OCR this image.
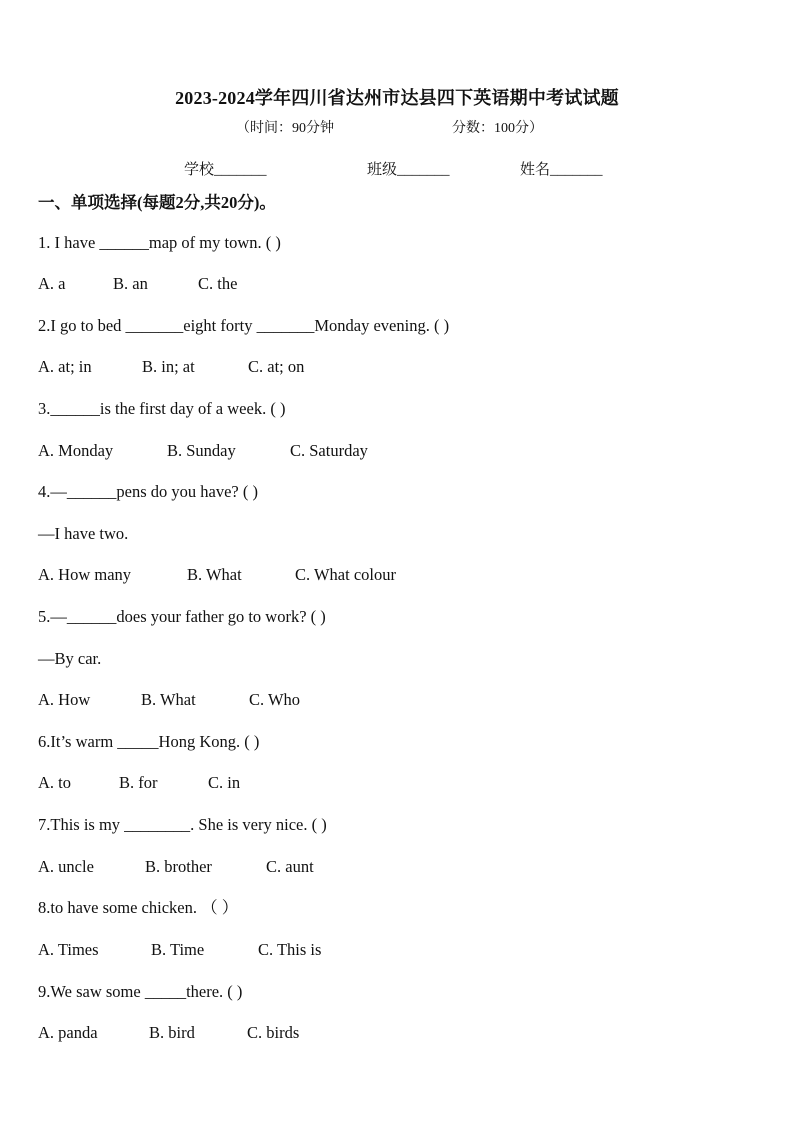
2023-2024学年四川省达州市达县四下英语期中考试试题
（时间：90分钟	分数：100分）
学校_______	班级_______	姓名_______
一、单项选择(每题2分,共20分)。
1. I have ______map of my town. ( )
A. a	B. an	C. the
2.I go to bed _______eight forty _______Monday evening. ( )
A. at; in	B. in; at	C. at; on
3.______is the first day of a week. ( )
A. Monday	B. Sunday	C. Saturday
4.—______pens do you have? ( )
—I have two.
A. How many	B. What	C. What colour
5.—______does your father go to work? ( )
—By car.
A. How	B. What	C. Who
6.It’s warm _____Hong Kong. ( )
A. to	B. for	C. in
7.This is my ________. She is very nice. ( )
A. uncle	B. brother	C. aunt
8.to have some chicken. （ ）
A. Times	B. Time	C. This is
9.We saw some _____there. ( )
A. panda	B. bird	C. birds
